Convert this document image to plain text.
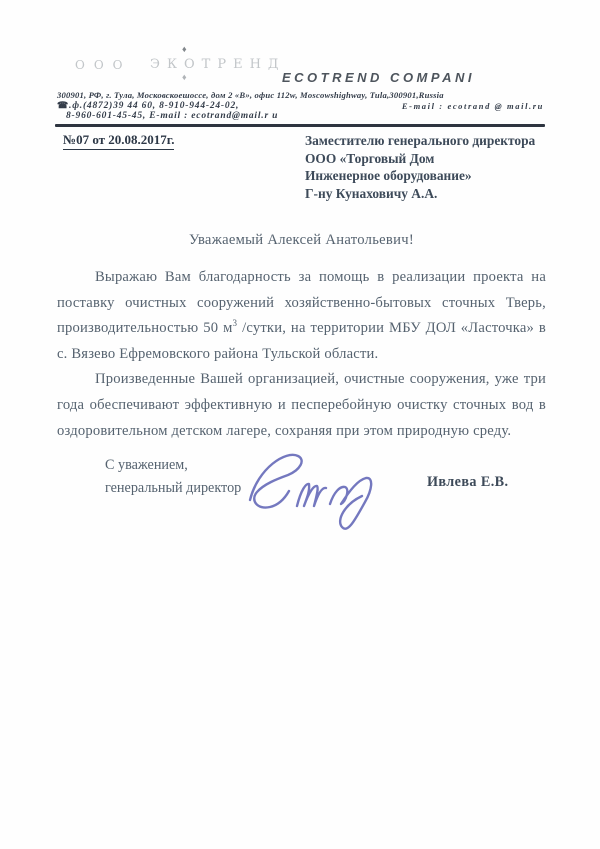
ООО ЭКОТРЕНД
♦
♦	ECOTREND COMPANI
300901, РФ, г. Тула, Московскоешоссе, дом 2 «В», офис 112w, Moscowshighway, Tula,300901,Russia
☎.ф.(4872)39 44 60, 8-910-944-24-02,	E-mail : ecotrand @ mail.ru
8-960-601-45-45, E-mail : ecotrand@mail.r u
№07 от 20.08.2017г.	Заместителю генерального директора
ООО «Торговый Дом
Инженерное оборудование»
Г-ну Кунаховичу А.А.

Уважаемый Алексей Анатольевич!

Выражаю Вам благодарность за помощь в реализации проекта на поставку очистных сооружений хозяйственно-бытовых сточных Тверь, производительностью 50 $м^3$ /сутки, на территории МБУ ДОЛ «Ласточка» в с. Вязево Ефремовского района Тульской области.

Произведенные Вашей организацией, очистные сооружения, уже три года обеспечивают эффективную и песперебойную очистку сточных вод в оздоровительном детском лагере, сохраняя при этом природную среду.

С уважением,
генеральный директор	Ивлева Е.В.
